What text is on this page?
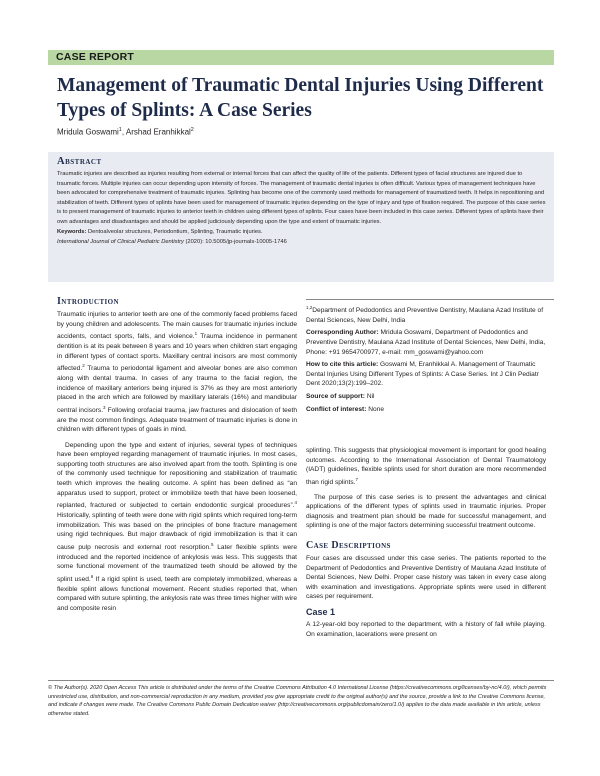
CASE REPORT
Management of Traumatic Dental Injuries Using Different Types of Splints: A Case Series
Mridula Goswami$^1$, Arshad Eranhikkal$^2$
Abstract

Traumatic injuries are described as injuries resulting from external or internal forces that can affect the quality of life of the patients. Different types of facial structures are injured due to traumatic forces. Multiple injuries can occur depending upon intensity of forces. The management of traumatic dental injuries is often difficult. Various types of management techniques have been advocated for comprehensive treatment of traumatic injuries. Splinting has become one of the commonly used methods for management of traumatized teeth. It helps in repositioning and stabilization of teeth. Different types of splints have been used for management of traumatic injuries depending on the type of injury and type of fixation required. The purpose of this case series is to present management of traumatic injuries to anterior teeth in children using different types of splints. Four cases have been included in this case series. Different types of splints have their own advantages and disadvantages and should be applied judiciously depending upon the type and extent of traumatic injuries.

Keywords: Dentoalveolar structures, Periodontium, Splinting, Traumatic injuries.

International Journal of Clinical Pediatric Dentistry (2020): 10.5005/jp-journals-10005-1746

Introduction

Traumatic injuries to anterior teeth are one of the commonly faced problems faced by young children and adolescents. The main causes for traumatic injuries include accidents, contact sports, falls, and violence.$^1$ Trauma incidence in permanent dentition is at its peak between 8 years and 10 years when children start engaging in different types of contact sports. Maxillary central incisors are most commonly affected.$^2$ Trauma to periodontal ligament and alveolar bones are also common along with dental trauma. In cases of any trauma to the facial region, the incidence of maxillary anteriors being injured is 37% as they are most anteriorly placed in the arch which are followed by maxillary laterals (16%) and mandibular central incisors.$^3$ Following orofacial trauma, jaw fractures and dislocation of teeth are the most common findings. Adequate treatment of traumatic injuries is done in children with different types of goals in mind.

Depending upon the type and extent of injuries, several types of techniques have been employed regarding management of traumatic injuries. In most cases, supporting tooth structures are also involved apart from the tooth. Splinting is one of the commonly used technique for repositioning and stabilization of traumatic teeth which improves the healing outcome. A splint has been defined as “an apparatus used to support, protect or immobilize teeth that have been loosened, replanted, fractured or subjected to certain endodontic surgical procedures”.$^4$ Historically, splinting of teeth were done with rigid splints which required long-term immobilization. This was based on the principles of bone fracture management using rigid techniques. But major drawback of rigid immobilization is that it can cause pulp necrosis and external root resorption.$^5$ Later flexible splints were introduced and the reported incidence of ankylosis was less. This suggests that some functional movement of the traumatized teeth should be allowed by the splint used.$^6$ If a rigid splint is used, teeth are completely immobilized, whereas a flexible splint allows functional movement. Recent studies reported that, when compared with suture splinting, the ankylosis rate was three times higher with wire and composite resin

$^{1,2}$Department of Pedodontics and Preventive Dentistry, Maulana Azad Institute of Dental Sciences, New Delhi, India

Corresponding Author: Mridula Goswami, Department of Pedodontics and Preventive Dentistry, Maulana Azad Institute of Dental Sciences, New Delhi, India, Phone: +91 9654700977, e-mail: mm_goswami@yahoo.com

How to cite this article: Goswami M, Eranhikkal A. Management of Traumatic Dental Injuries Using Different Types of Splints: A Case Series. Int J Clin Pediatr Dent 2020;13(2):199–202.

Source of support: Nil

Conflict of interest: None

splinting. This suggests that physiological movement is important for good healing outcomes. According to the International Association of Dental Traumatology (IADT) guidelines, flexible splints used for short duration are more recommended than rigid splints.$^7$

The purpose of this case series is to present the advantages and clinical applications of the different types of splints used in traumatic injuries. Proper diagnosis and treatment plan should be made for successful management, and splinting is one of the major factors determining successful treatment outcome.

Case Descriptions

Four cases are discussed under this case series. The patients reported to the Department of Pedodontics and Preventive Dentistry of Maulana Azad Institute of Dental Sciences, New Delhi. Proper case history was taken in every case along with examination and investigations. Appropriate splints were used in different cases per requirement.

Case 1

A 12-year-old boy reported to the department, with a history of fall while playing. On examination, lacerations were present on

© The Author(s). 2020 Open Access This article is distributed under the terms of the Creative Commons Attribution 4.0 International License (https://creativecommons.org/licenses/by-nc/4.0/), which permits unrestricted use, distribution, and non-commercial reproduction in any medium, provided you give appropriate credit to the original author(s) and the source, provide a link to the Creative Commons license, and indicate if changes were made. The Creative Commons Public Domain Dedication waiver (http://creativecommons.org/publicdomain/zero/1.0/) applies to the data made available in this article, unless otherwise stated.
